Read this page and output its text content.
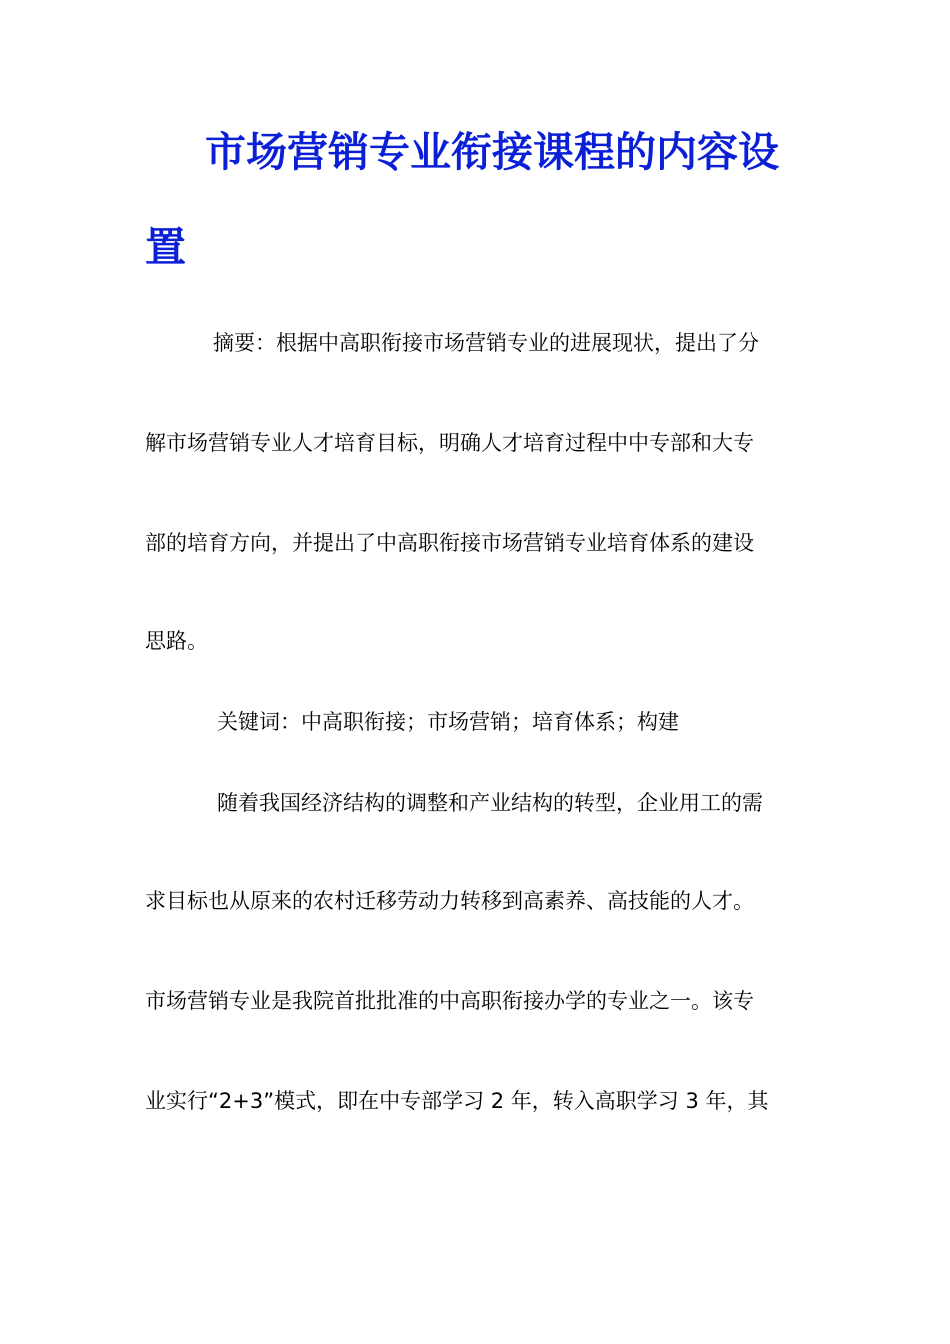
市场营销专业衔接课程的内容设
置

摘要：根据中高职衔接市场营销专业的进展现状，提出了分

解市场营销专业人才培育目标，明确人才培育过程中中专部和大专

部的培育方向，并提出了中高职衔接市场营销专业培育体系的建设

思路。

关键词：中高职衔接；市场营销；培育体系；构建

随着我国经济结构的调整和产业结构的转型，企业用工的需

求目标也从原来的农村迁移劳动力转移到高素养、高技能的人才。

市场营销专业是我院首批批准的中高职衔接办学的专业之一。该专

业实行“2+3”模式，即在中专部学习 2 年，转入高职学习 3 年，其
